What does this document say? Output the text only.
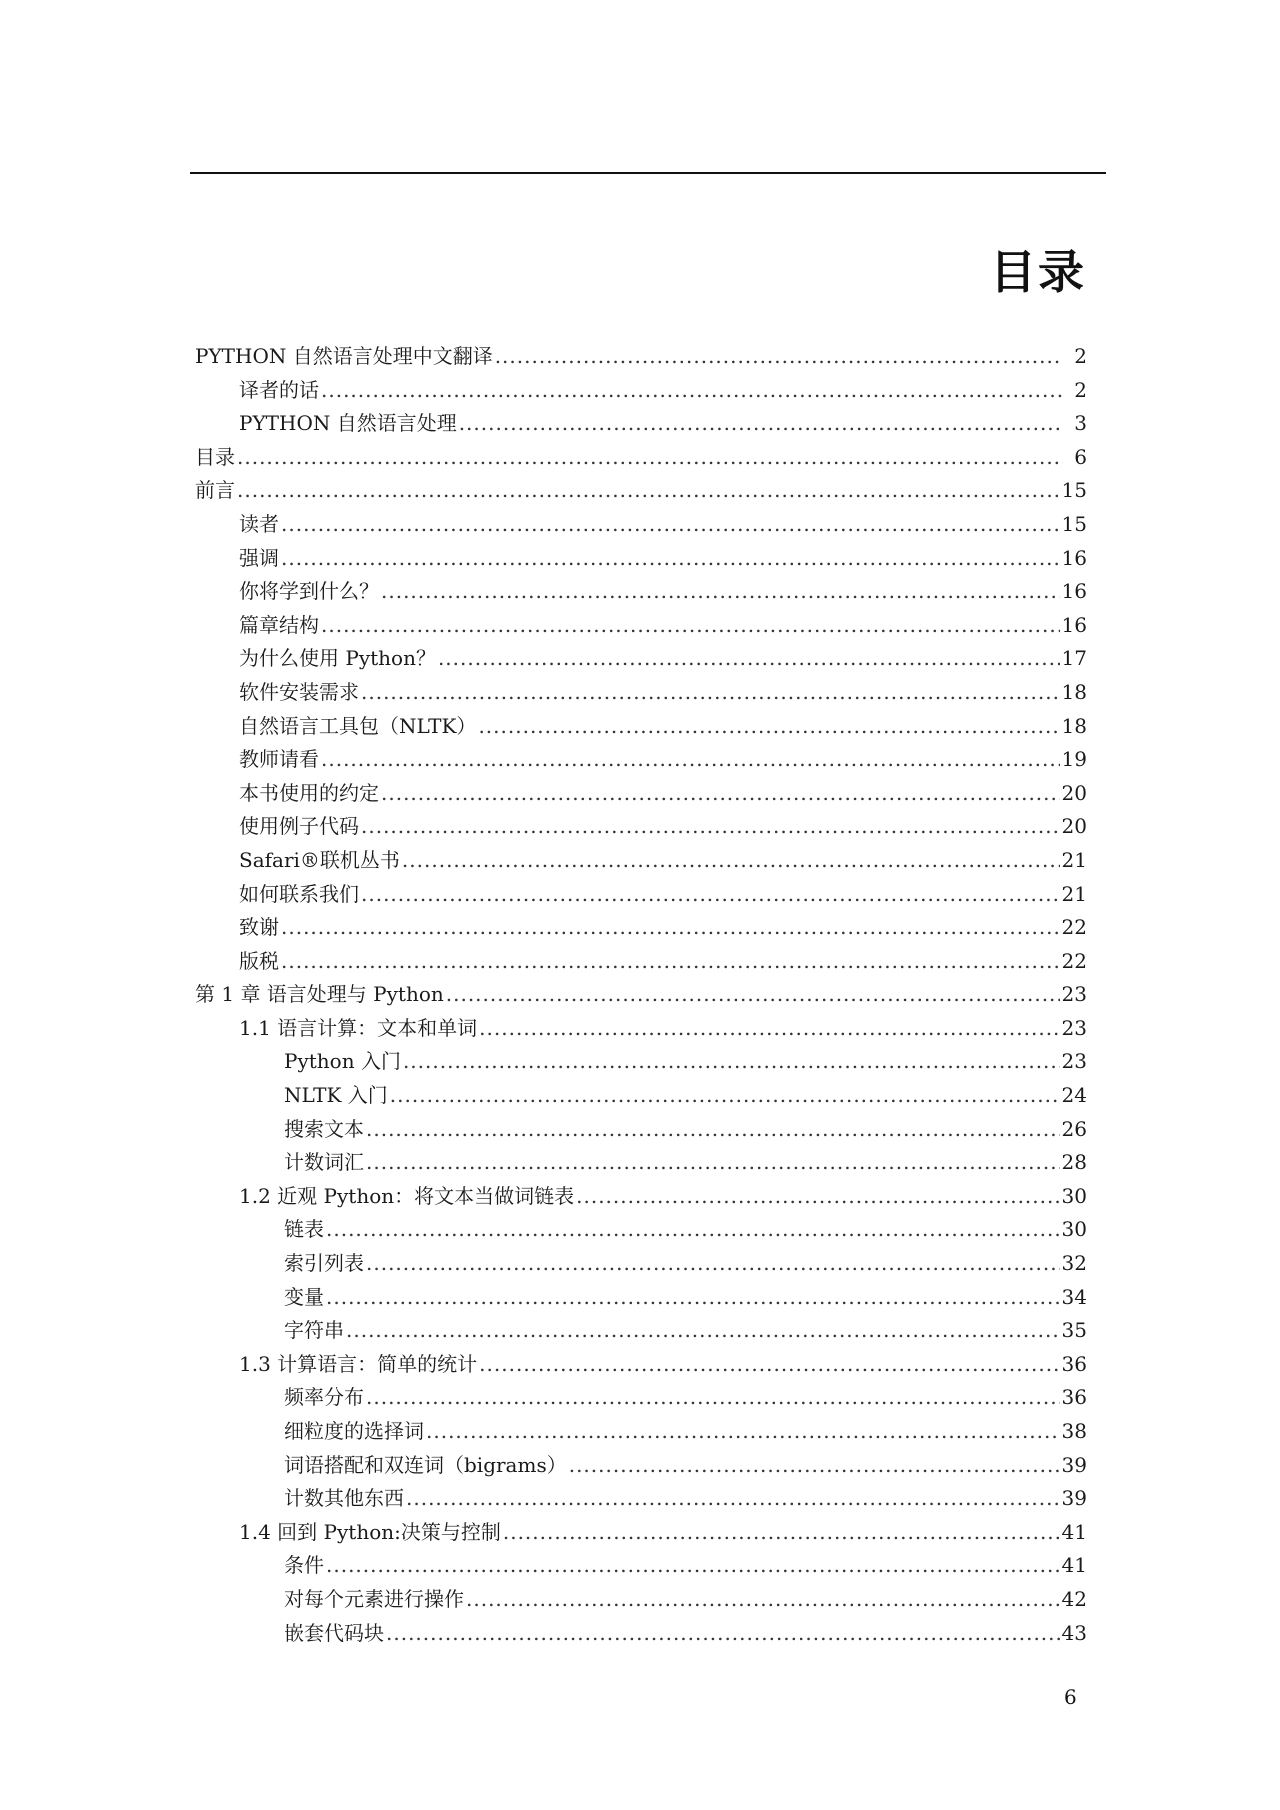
目录
PYTHON 自然语言处理中文翻译 .....	2
译者的话 .....	2
PYTHON 自然语言处理 .....	3
目录 .....	6
前言 .....	15
读者 .....	15
强调 .....	16
你将学到什么？ .....	16
篇章结构 .....	16
为什么使用 Python？ .....	17
软件安装需求 .....	18
自然语言工具包（NLTK） .....	18
教师请看 .....	19
本书使用的约定 .....	20
使用例子代码 .....	20
Safari®联机丛书 .....	21
如何联系我们 .....	21
致谢 .....	22
版税 .....	22
第 1 章 语言处理与 Python .....	23
1.1 语言计算：文本和单词 .....	23
Python 入门 .....	23
NLTK 入门 .....	24
搜索文本 .....	26
计数词汇 .....	28
1.2 近观 Python：将文本当做词链表 .....	30
链表 .....	30
索引列表 .....	32
变量 .....	34
字符串 .....	35
1.3 计算语言：简单的统计 .....	36
频率分布 .....	36
细粒度的选择词 .....	38
词语搭配和双连词（bigrams） .....	39
计数其他东西 .....	39
1.4 回到 Python:决策与控制 .....	41
条件 .....	41
对每个元素进行操作 .....	42
嵌套代码块 .....	43
6
